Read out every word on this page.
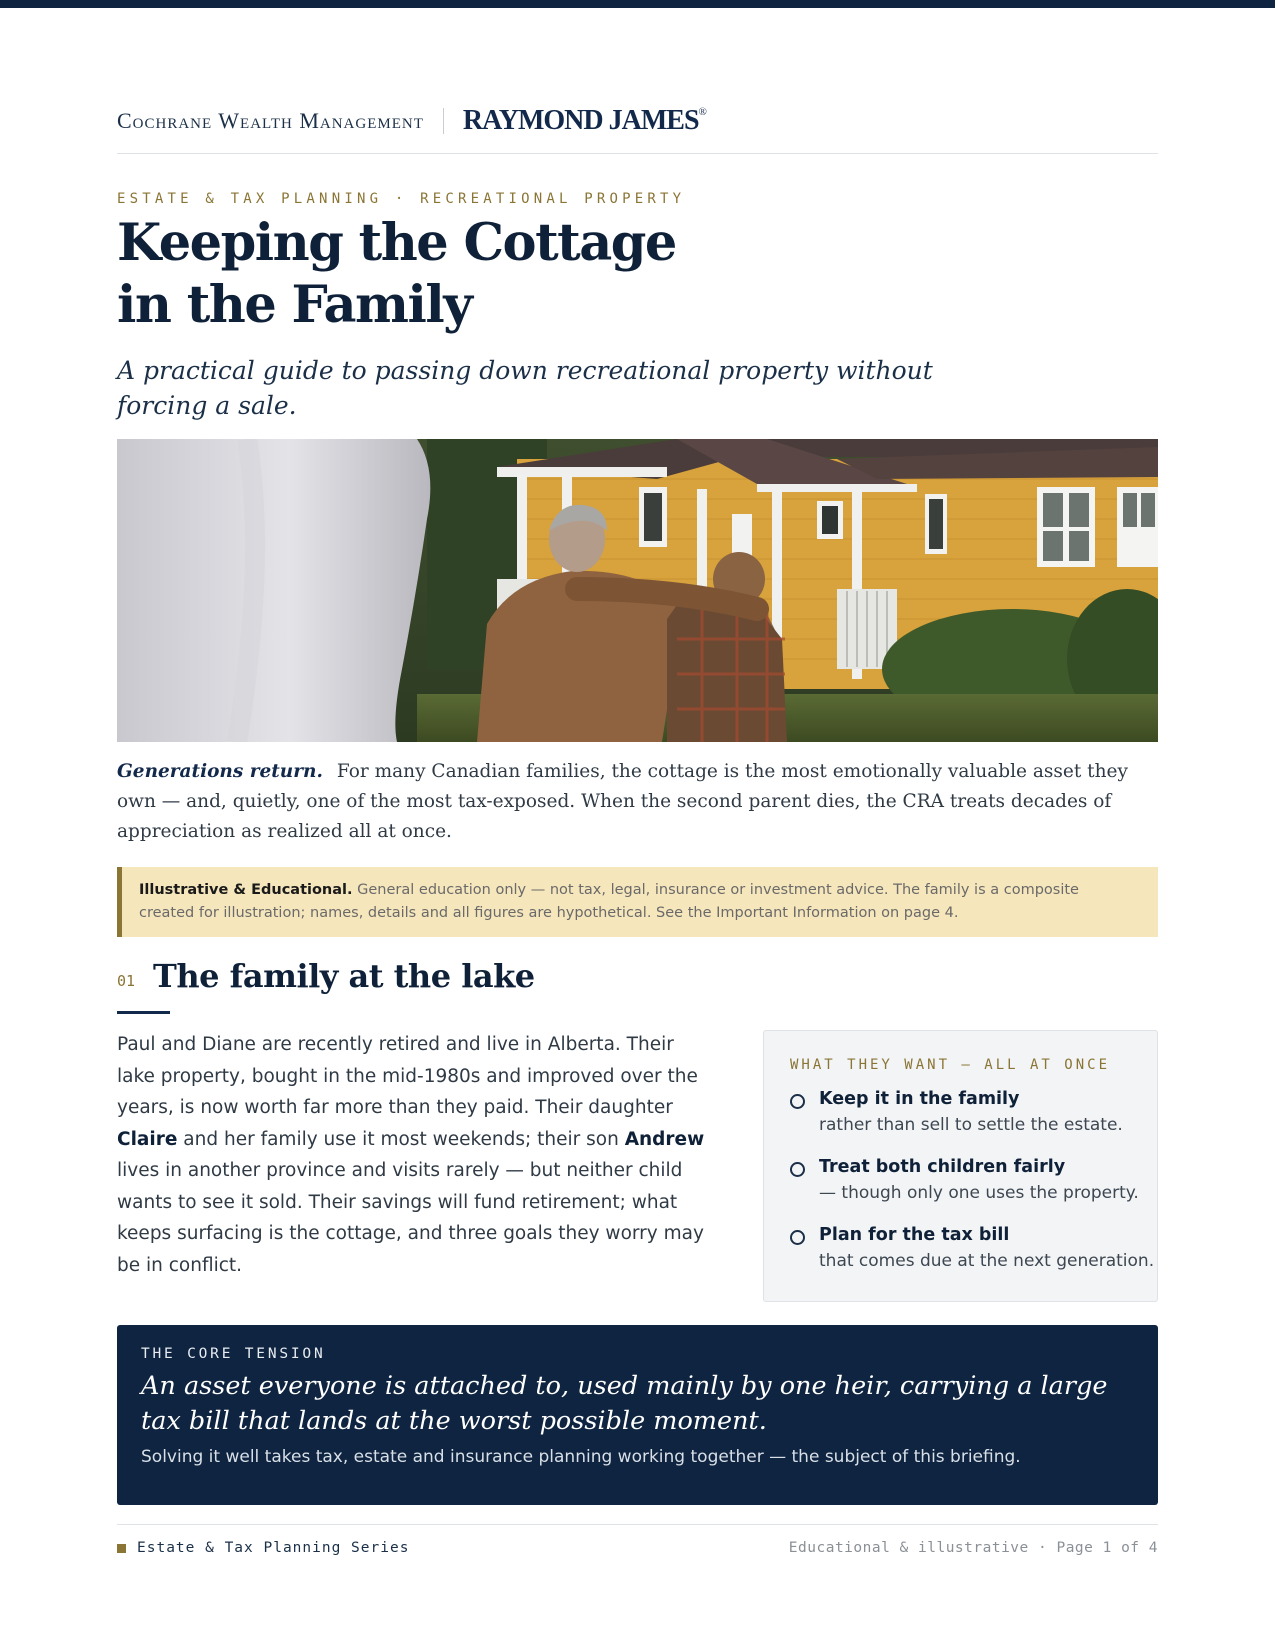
Cochrane Wealth Management RAYMOND JAMES®
ESTATE & TAX PLANNING · RECREATIONAL PROPERTY
Keeping the Cottage
in the Family

A practical guide to passing down recreational property without forcing a sale.

Generations return. For many Canadian families, the cottage is the most emotionally valuable asset they own — and, quietly, one of the most tax-exposed. When the second parent dies, the CRA treats decades of appreciation as realized all at once.

Illustrative & Educational. General education only — not tax, legal, insurance or investment advice. The family is a composite created for illustration; names, details and all figures are hypothetical. See the Important Information on page 4.
01 The family at the lake

Paul and Diane are recently retired and live in Alberta. Their lake property, bought in the mid-1980s and improved over the years, is now worth far more than they paid. Their daughter Claire and her family use it most weekends; their son Andrew lives in another province and visits rarely — but neither child wants to see it sold. Their savings will fund retirement; what keeps surfacing is the cottage, and three goals they worry may be in conflict.

WHAT THEY WANT — ALL AT ONCE
Keep it in the family
rather than sell to settle the estate.
Treat both children fairly
— though only one uses the property.
Plan for the tax bill
that comes due at the next generation.
THE CORE TENSION

An asset everyone is attached to, used mainly by one heir, carrying a large tax bill that lands at the worst possible moment.

Solving it well takes tax, estate and insurance planning working together — the subject of this briefing.

Estate & Tax Planning Series	Educational & illustrative · Page 1 of 4
